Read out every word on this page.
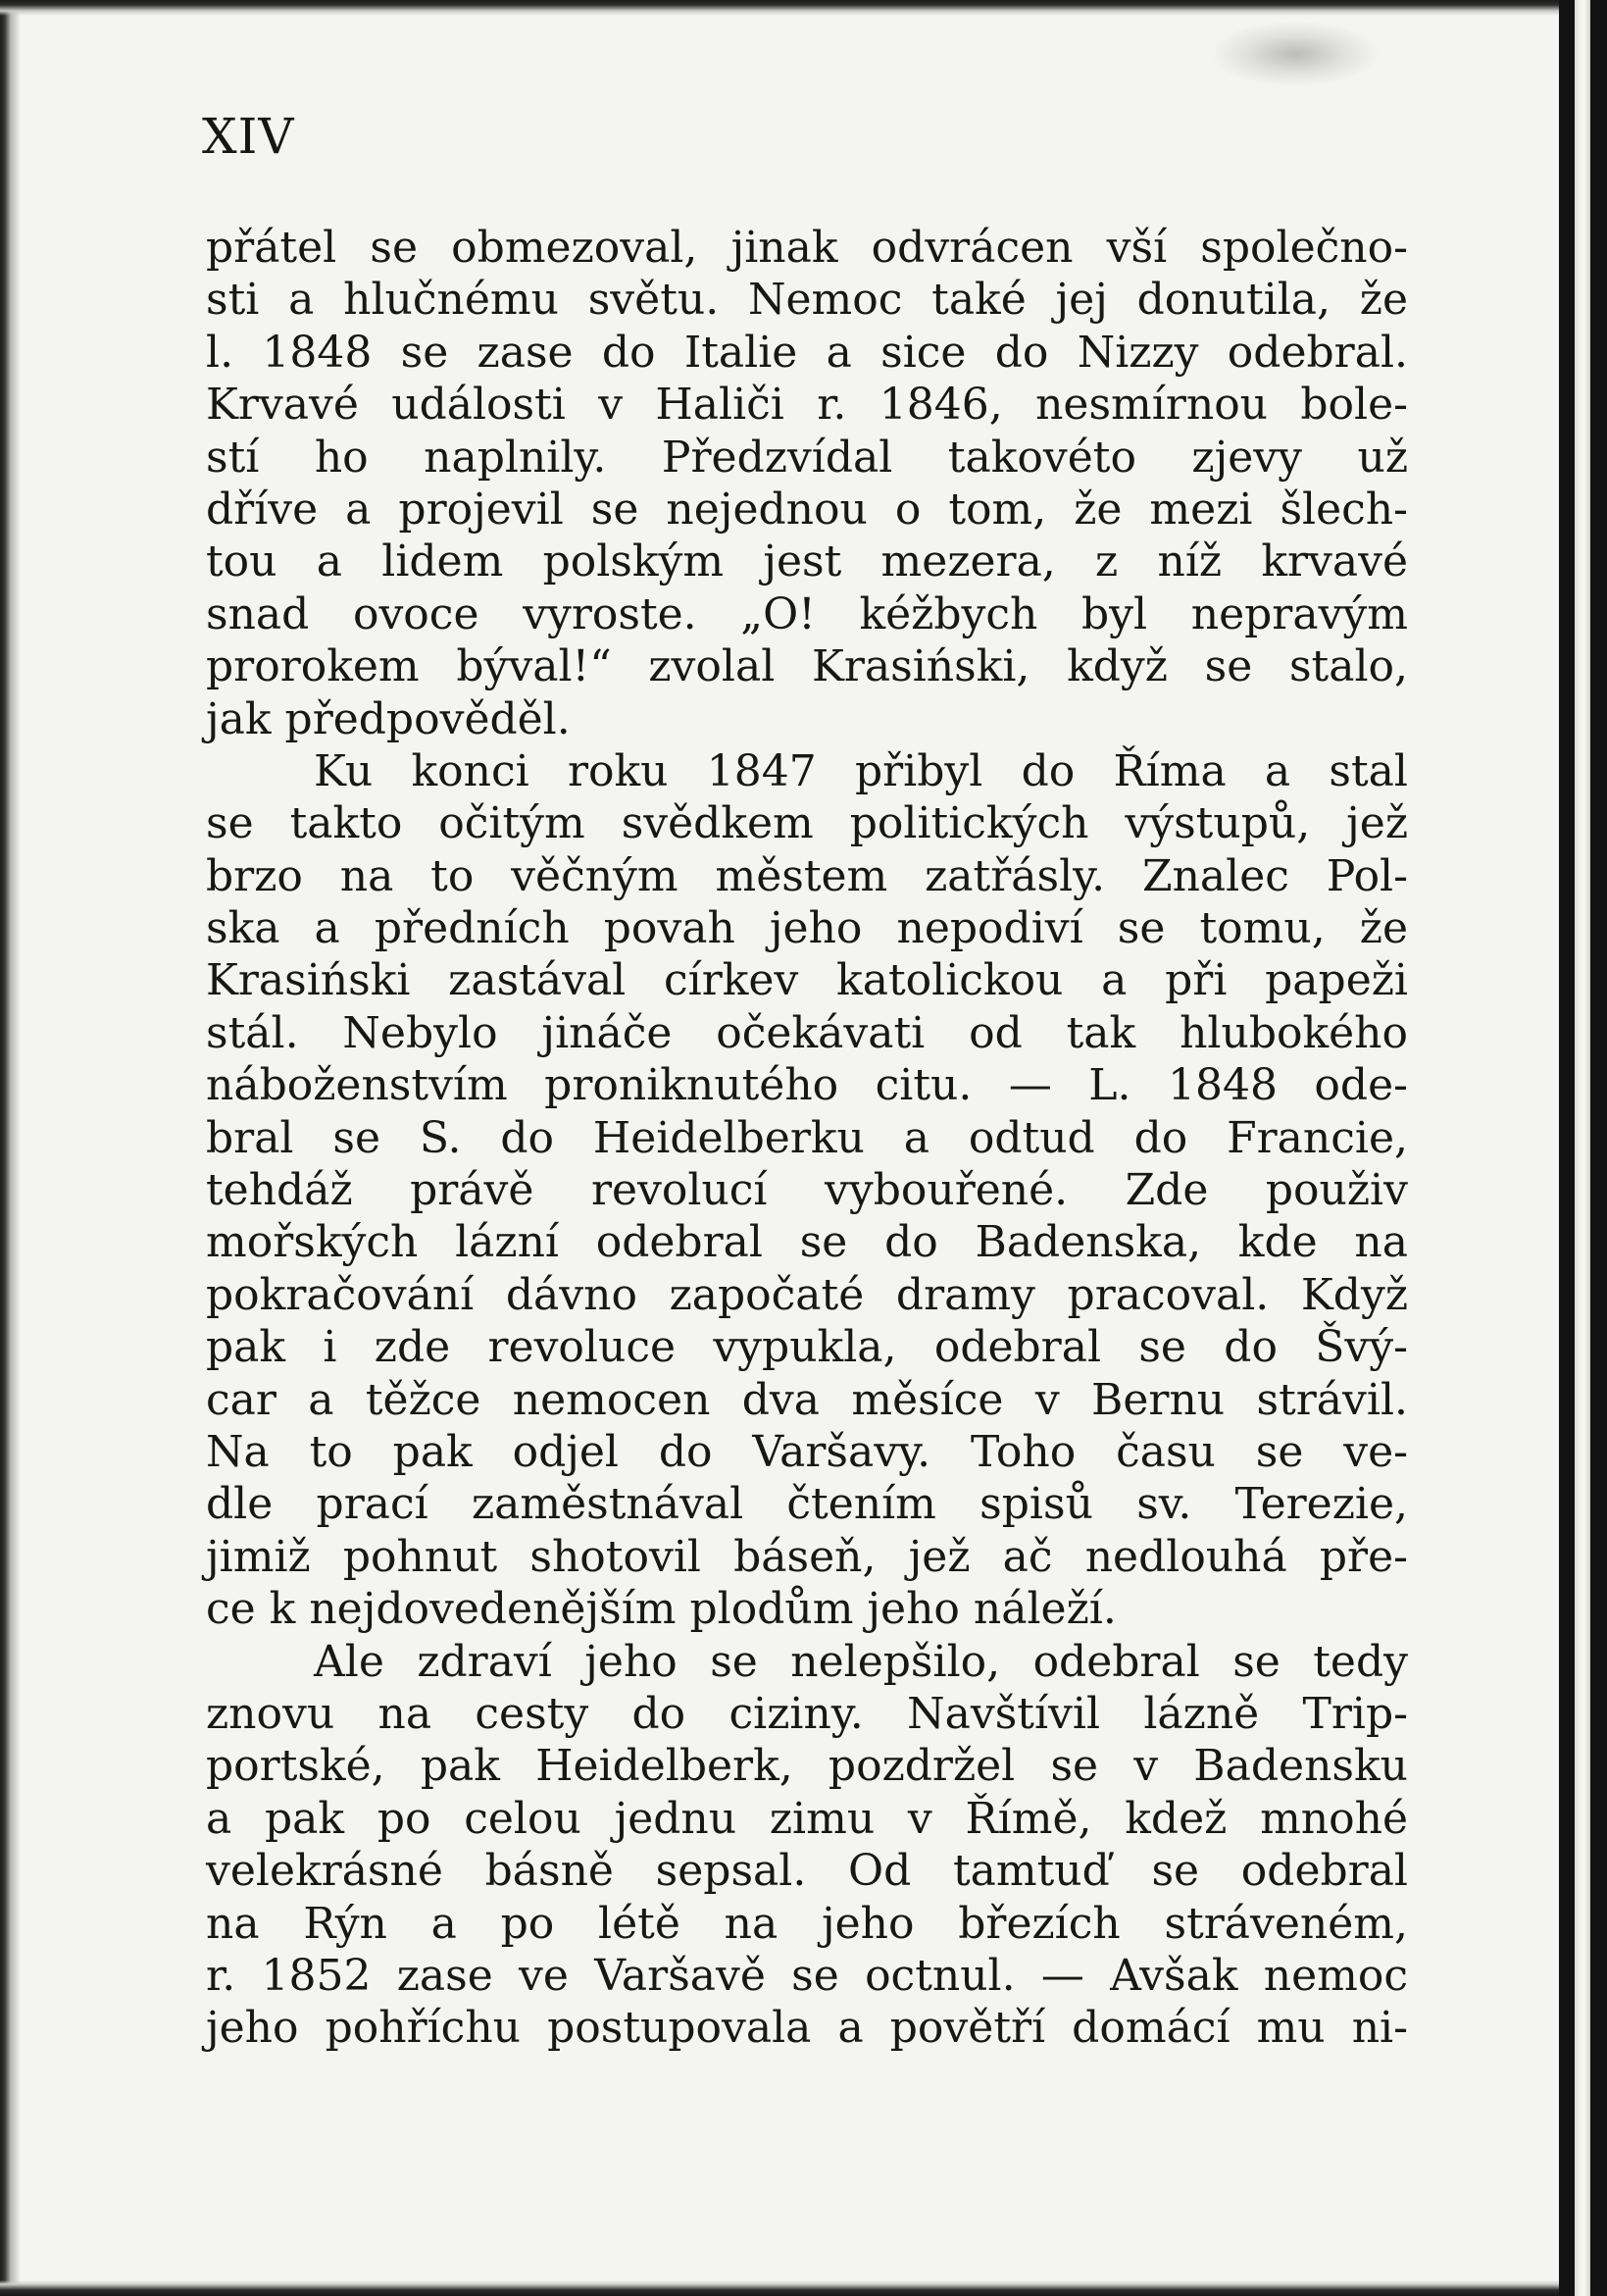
XIV
přátel se obmezoval, jinak odvrácen vší společno-
sti a hlučnému světu. Nemoc také jej donutila, že
l. 1848 se zase do Italie a sice do Nizzy odebral.
Krvavé události v Haliči r. 1846, nesmírnou bole-
stí ho naplnily. Předzvídal takovéto zjevy už
dříve a projevil se nejednou o tom, že mezi šlech-
tou a lidem polským jest mezera, z níž krvavé
snad ovoce vyroste. „O! kéžbych byl nepravým
prorokem býval!“ zvolal Krasiński, když se stalo,
jak předpověděl.
Ku konci roku 1847 přibyl do Říma a stal
se takto očitým svědkem politických výstupů, jež
brzo na to věčným městem zatřásly. Znalec Pol-
ska a předních povah jeho nepodiví se tomu, že
Krasiński zastával církev katolickou a při papeži
stál. Nebylo jináče očekávati od tak hlubokého
náboženstvím proniknutého citu. — L. 1848 ode-
bral se S. do Heidelberku a odtud do Francie,
tehdáž právě revolucí vybouřené. Zde použiv
mořských lázní odebral se do Badenska, kde na
pokračování dávno započaté dramy pracoval. Když
pak i zde revoluce vypukla, odebral se do Švý-
car a těžce nemocen dva měsíce v Bernu strávil.
Na to pak odjel do Varšavy. Toho času se ve-
dle prací zaměstnával čtením spisů sv. Terezie,
jimiž pohnut shotovil báseň, jež ač nedlouhá pře-
ce k nejdovedenějším plodům jeho náleží.
Ale zdraví jeho se nelepšilo, odebral se tedy
znovu na cesty do ciziny. Navštívil lázně Trip-
portské, pak Heidelberk, pozdržel se v Badensku
a pak po celou jednu zimu v Římě, kdež mnohé
velekrásné básně sepsal. Od tamtuď se odebral
na Rýn a po létě na jeho březích stráveném,
r. 1852 zase ve Varšavě se octnul. — Avšak nemoc
jeho pohříchu postupovala a povětří domácí mu ni-
